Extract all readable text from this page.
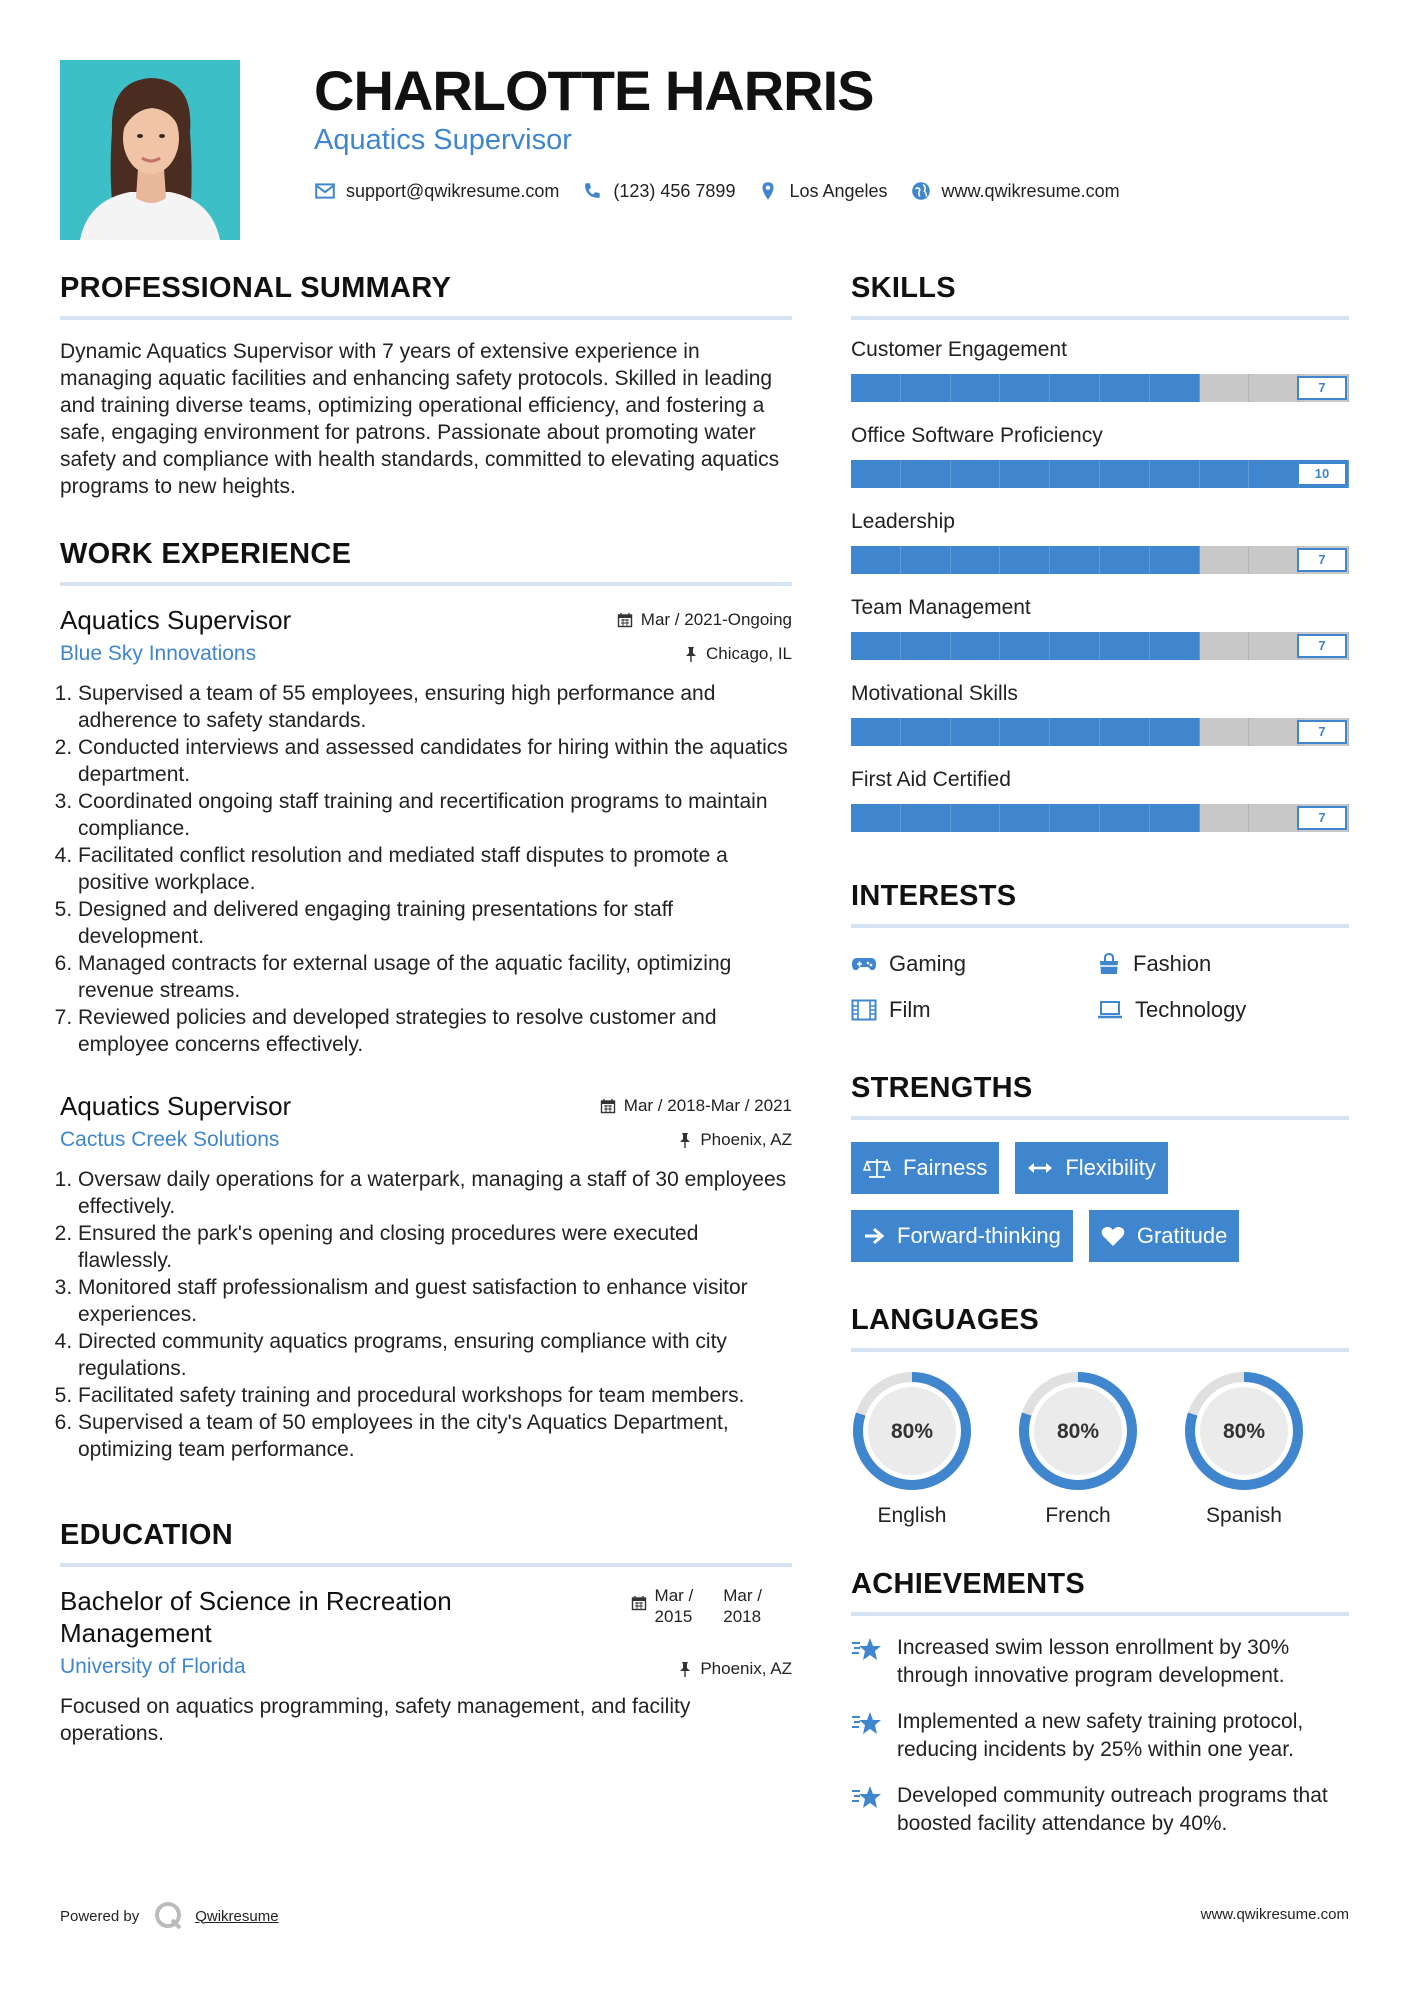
CHARLOTTE HARRIS
Aquatics Supervisor
support@qwikresume.com	(123) 456 7899	Los Angeles	www.qwikresume.com
PROFESSIONAL SUMMARY
Dynamic Aquatics Supervisor with 7 years of extensive experience in managing aquatic facilities and enhancing safety protocols. Skilled in leading and training diverse teams, optimizing operational efficiency, and fostering a safe, engaging environment for patrons. Passionate about promoting water safety and compliance with health standards, committed to elevating aquatics programs to new heights.
WORK EXPERIENCE
Aquatics Supervisor
Blue Sky Innovations
Mar / 2021-Ongoing
Chicago, IL
1. Supervised a team of 55 employees, ensuring high performance and adherence to safety standards.
2. Conducted interviews and assessed candidates for hiring within the aquatics department.
3. Coordinated ongoing staff training and recertification programs to maintain compliance.
4. Facilitated conflict resolution and mediated staff disputes to promote a positive workplace.
5. Designed and delivered engaging training presentations for staff development.
6. Managed contracts for external usage of the aquatic facility, optimizing revenue streams.
7. Reviewed policies and developed strategies to resolve customer and employee concerns effectively.
Aquatics Supervisor
Cactus Creek Solutions
Mar / 2018-Mar / 2021
Phoenix, AZ
1. Oversaw daily operations for a waterpark, managing a staff of 30 employees effectively.
2. Ensured the park's opening and closing procedures were executed flawlessly.
3. Monitored staff professionalism and guest satisfaction to enhance visitor experiences.
4. Directed community aquatics programs, ensuring compliance with city regulations.
5. Facilitated safety training and procedural workshops for team members.
6. Supervised a team of 50 employees in the city's Aquatics Department, optimizing team performance.
EDUCATION
Bachelor of Science in Recreation Management
University of Florida
Mar /
2015
Mar /
2018
Phoenix, AZ
Focused on aquatics programming, safety management, and facility operations.
SKILLS
Customer Engagement
7
Office Software Proficiency
10
Leadership
7
Team Management
7
Motivational Skills
7
First Aid Certified
7
INTERESTS
Gaming	Fashion
Film	Technology
STRENGTHS
Fairness	Flexibility
Forward-thinking	Gratitude
LANGUAGES
80%
English
80%
French
80%
Spanish
ACHIEVEMENTS
Increased swim lesson enrollment by 30% through innovative program development.
Implemented a new safety training protocol, reducing incidents by 25% within one year.
Developed community outreach programs that boosted facility attendance by 40%.
Powered by	Qwikresume	www.qwikresume.com
